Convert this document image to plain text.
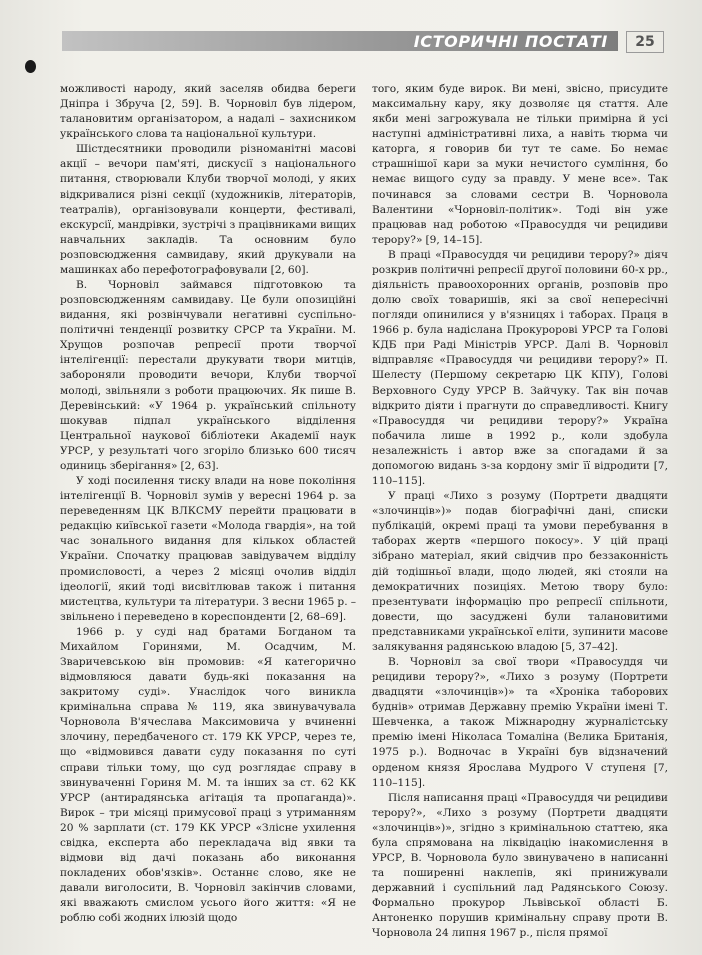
ІСТОРИЧНІ ПОСТАТІ	25

можливості народу, який заселяв обидва береги Дніпра і Збруча [2, 59]. В. Чорновіл був лідером, талановитим організатором, а надалі – захисником українського слова та національної культури.

Шістдесятники проводили різноманітні масові акції – вечори пам'яті, дискусії з національного питання, створювали Клуби творчої молоді, у яких відкривалися різні секції (художників, літераторів, театралів), організовували концерти, фестивалі, екскурсії, мандрівки, зустрічі з працівниками вищих навчальних закладів. Та основним було розповсюдження самвидаву, який друкували на машинках або перефотографовували [2, 60].

В. Чорновіл займався підготовкою та розповсюдженням самвидаву. Це були опозиційні видання, які розвінчували негативні суспільно-політичні тенденції розвитку СРСР та України. М. Хрущов розпочав репресії проти творчої інтелігенції: перестали друкувати твори митців, забороняли проводити вечори, Клуби творчої молоді, звільняли з роботи працюючих. Як пише В. Деревінський: «У 1964 р. український спільноту шокував підпал українського відділення Центральної наукової бібліотеки Академії наук УРСР, у результаті чого згоріло близько 600 тисяч одиниць зберігання» [2, 63].

У ході посилення тиску влади на нове покоління інтелігенції В. Чорновіл зумів у вересні 1964 р. за переведенням ЦК ВЛКСМУ перейти працювати в редакцію київської газети «Молода гвардія», на той час зонального видання для кількох областей України. Спочатку працював завідувачем відділу промисловості, а через 2 місяці очолив відділ ідеології, який тоді висвітлював також і питання мистецтва, культури та літератури. З весни 1965 р. – звільнено і переведено в кореспонденти [2, 68–69].

1966 р. у суді над братами Богданом та Михайлом Горинями, М. Осадчим, М. Зваричевською він промовив: «Я категорично відмовляюся давати будь-які показання на закритому суді». Унаслідок чого виникла кримінальна справа № 119, яка звинувачувала Чорновола В'ячеслава Максимовича у вчиненні злочину, передбаченого ст. 179 КК УРСР, через те, що «відмовився давати суду показання по суті справи тільки тому, що суд розглядає справу в звинуваченні Гориня М. М. та інших за ст. 62 КК УРСР (антирадянська агітація та пропаганда)». Вирок – три місяці примусової праці з утриманням 20 % зарплати (ст. 179 КК УРСР «Злісне ухилення свідка, експерта або перекладача від явки та відмови від дачі показань або виконання покладених обов'язків». Останнє слово, яке не давали виголосити, В. Чорновіл закінчив словами, які вважають смислом усього його життя: «Я не роблю собі жодних ілюзій щодо

того, яким буде вирок. Ви мені, звісно, присудите максимальну кару, яку дозволяє ця стаття. Але якби мені загрожувала не тільки примірна й усі наступні адміністративні лиха, а навіть тюрма чи каторга, я говорив би тут те саме. Бо немає страшнішої кари за муки нечистого сумління, бо немає вищого суду за правду. У мене все». Так починався за словами сестри В. Чорновола Валентини «Чорновіл-політик». Тоді він уже працював над роботою «Правосуддя чи рецидиви терору?» [9, 14–15].

В праці «Правосуддя чи рецидиви терору?» діяч розкрив політичні репресії другої половини 60-х рр., діяльність правоохоронних органів, розповів про долю своїх товаришів, які за свої непересічні погляди опинилися у в'язницях і таборах. Праця в 1966 р. була надіслана Прокуророві УРСР та Голові КДБ при Раді Міністрів УРСР. Далі В. Чорновіл відправляє «Правосуддя чи рецидиви терору?» П. Шелесту (Першому секретарю ЦК КПУ), Голові Верховного Суду УРСР В. Зайчуку. Так він почав відкрито діяти і прагнути до справедливості. Книгу «Правосуддя чи рецидиви терору?» Україна побачила лише в 1992 р., коли здобула незалежність і автор вже за спогадами й за допомогою видань з-за кордону зміг її відродити [7, 110–115].

У праці «Лихо з розуму (Портрети двадцяти «злочинців»)» подав біографічні дані, списки публікацій, окремі праці та умови перебування в таборах жертв «першого покосу». У цій праці зібрано матеріал, який свідчив про беззаконність дій тодішньої влади, щодо людей, які стояли на демократичних позиціях. Метою твору було: презентувати інформацію про репресії спільноти, довести, що засуджені були талановитими представниками української еліти, зупинити масове залякування радянською владою [5, 37–42].

В. Чорновіл за свої твори «Правосуддя чи рецидиви терору?», «Лихо з розуму (Портрети двадцяти «злочинців»)» та «Хроніка таборових буднів» отримав Державну премію України імені Т. Шевченка, а також Міжнародну журналістську премію імені Ніколаса Томаліна (Велика Британія, 1975 р.). Водночас в Україні був відзначений орденом князя Ярослава Мудрого V ступеня [7, 110–115].

Після написання праці «Правосуддя чи рецидиви терору?», «Лихо з розуму (Портрети двадцяти «злочинців»)», згідно з кримінальною статтею, яка була спрямована на ліквідацію інакомислення в УРСР, В. Чорновола було звинувачено в написанні та поширенні наклепів, які принижували державний і суспільний лад Радянського Союзу. Формально прокурор Львівської області Б. Антоненко порушив кримінальну справу проти В. Чорновола 24 липня 1967 р., після прямої
